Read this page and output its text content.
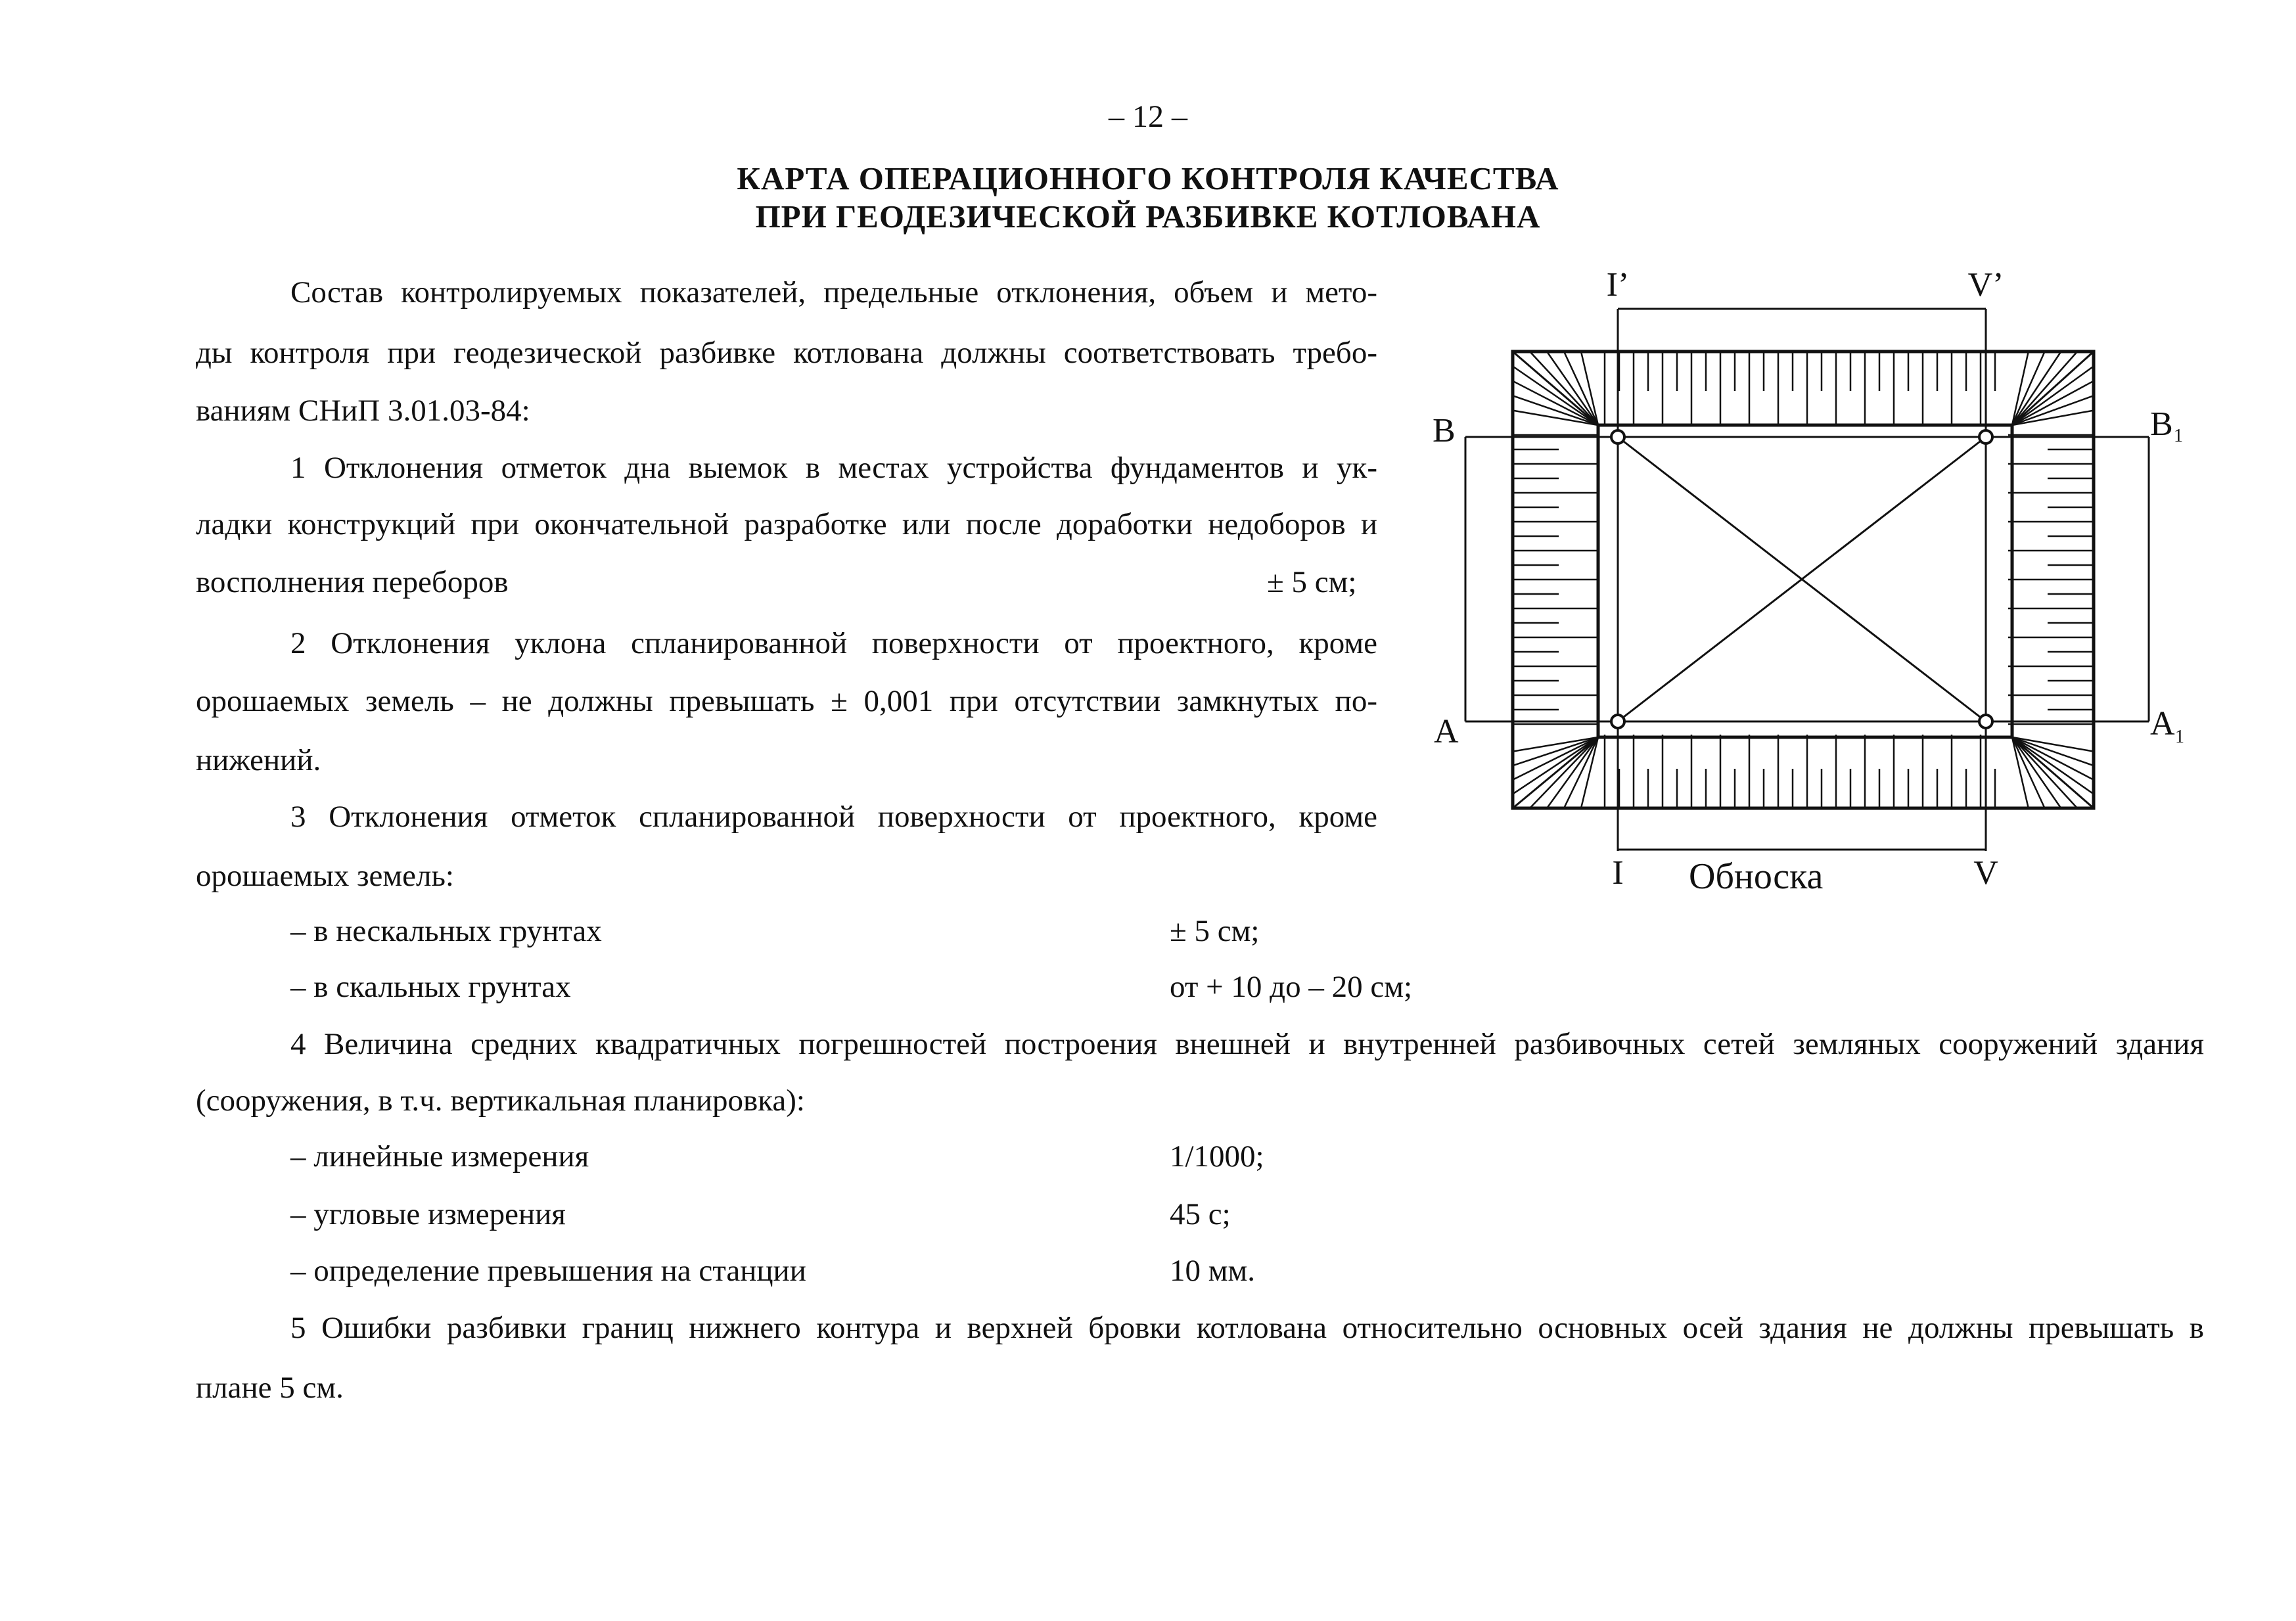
– 12 –
КАРТА ОПЕРАЦИОННОГО КОНТРОЛЯ КАЧЕСТВА
ПРИ ГЕОДЕЗИЧЕСКОЙ РАЗБИВКЕ КОТЛОВАНА
Состав контролируемых показателей, предельные отклонения, объем и мето-
ды контроля при геодезической разбивке котлована должны соответствовать требо-
ваниям СНиП 3.01.03-84:
1 Отклонения отметок дна выемок в местах устройства фундаментов и ук-
ладки конструкций при окончательной разработке или после доработки недоборов и
восполнения переборов	± 5 см;
2 Отклонения уклона спланированной поверхности от проектного, кроме
орошаемых земель – не должны превышать ± 0,001 при отсутствии замкнутых по-
нижений.
3 Отклонения отметок спланированной поверхности от проектного, кроме
орошаемых земель:
– в нескальных грунтах	± 5 см;
– в скальных грунтах	от + 10 до – 20 см;
4 Величина средних квадратичных погрешностей построения внешней и внутренней разбивочных сетей земляных сооружений здания
(сооружения, в т.ч. вертикальная планировка):
– линейные измерения	1/1000;
– угловые измерения	45 с;
– определение превышения на станции	10 мм.
5 Ошибки разбивки границ нижнего контура и верхней бровки котлована относительно основных осей здания не должны превышать в
плане 5 см.
I’	V’
B	B 1
A	A 1
I	V
Обноска
